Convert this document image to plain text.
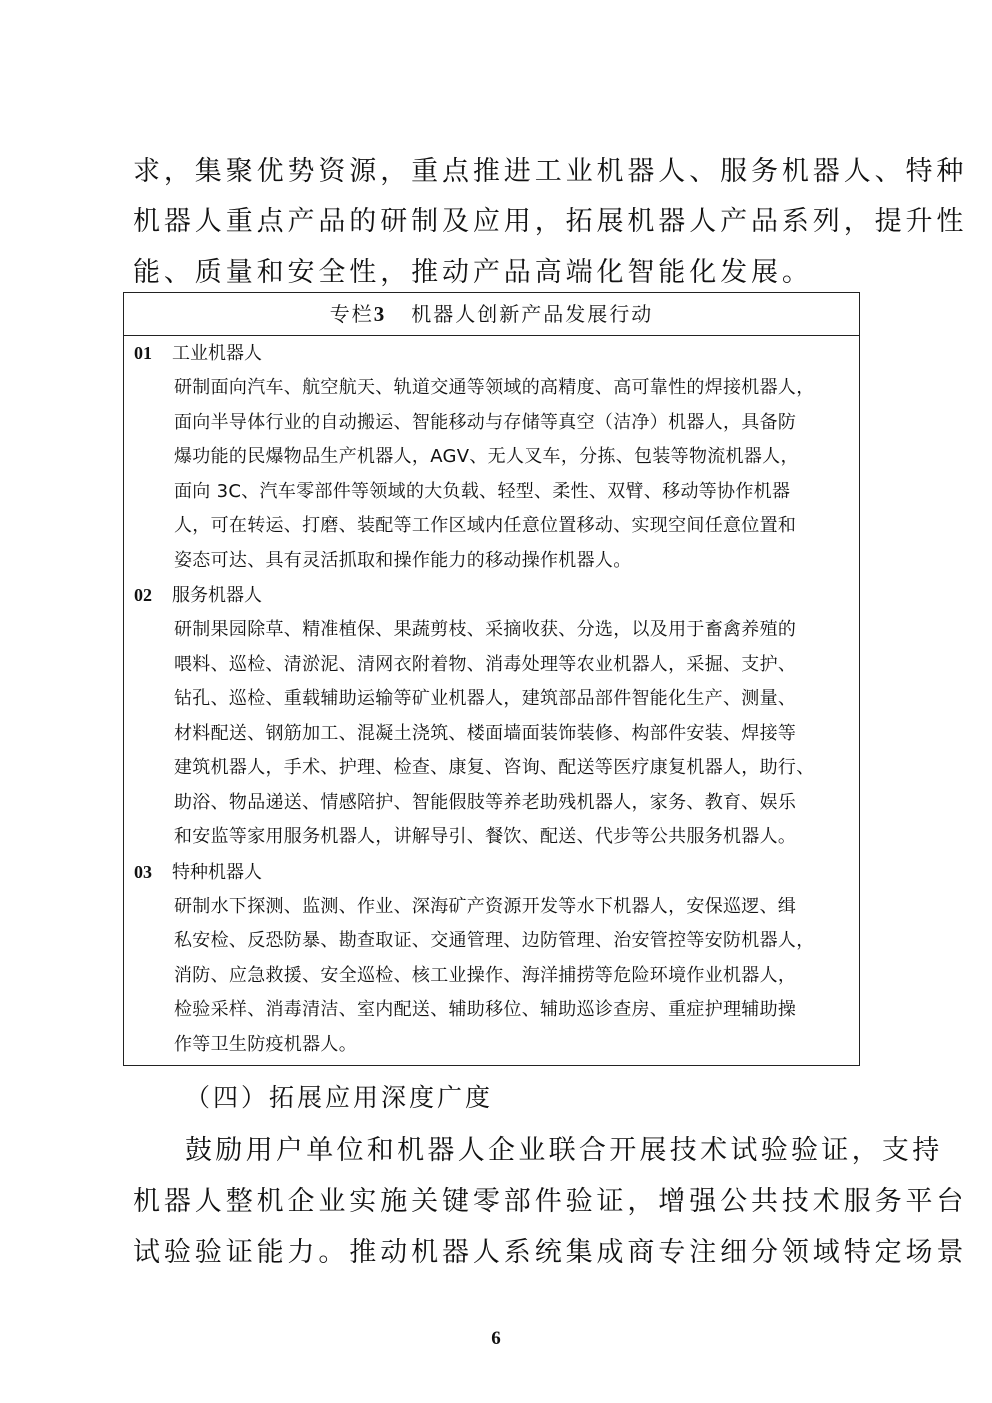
求，集聚优势资源，重点推进工业机器人、服务机器人、特种
机器人重点产品的研制及应用，拓展机器人产品系列，提升性
能、质量和安全性，推动产品高端化智能化发展。
专栏3 机器人创新产品发展行动
01 工业机器人
研制面向汽车、航空航天、轨道交通等领域的高精度、高可靠性的焊接机器人，
面向半导体行业的自动搬运、智能移动与存储等真空（洁净）机器人，具备防
爆功能的民爆物品生产机器人，AGV、无人叉车，分拣、包装等物流机器人，
面向 3C、汽车零部件等领域的大负载、轻型、柔性、双臂、移动等协作机器
人，可在转运、打磨、装配等工作区域内任意位置移动、实现空间任意位置和
姿态可达、具有灵活抓取和操作能力的移动操作机器人。
02 服务机器人
研制果园除草、精准植保、果蔬剪枝、采摘收获、分选，以及用于畜禽养殖的
喂料、巡检、清淤泥、清网衣附着物、消毒处理等农业机器人，采掘、支护、
钻孔、巡检、重载辅助运输等矿业机器人，建筑部品部件智能化生产、测量、
材料配送、钢筋加工、混凝土浇筑、楼面墙面装饰装修、构部件安装、焊接等
建筑机器人，手术、护理、检查、康复、咨询、配送等医疗康复机器人，助行、
助浴、物品递送、情感陪护、智能假肢等养老助残机器人，家务、教育、娱乐
和安监等家用服务机器人，讲解导引、餐饮、配送、代步等公共服务机器人。
03 特种机器人
研制水下探测、监测、作业、深海矿产资源开发等水下机器人，安保巡逻、缉
私安检、反恐防暴、勘查取证、交通管理、边防管理、治安管控等安防机器人，
消防、应急救援、安全巡检、核工业操作、海洋捕捞等危险环境作业机器人，
检验采样、消毒清洁、室内配送、辅助移位、辅助巡诊查房、重症护理辅助操
作等卫生防疫机器人。
（四）拓展应用深度广度
鼓励用户单位和机器人企业联合开展技术试验验证，支持
机器人整机企业实施关键零部件验证，增强公共技术服务平台
试验验证能力。推动机器人系统集成商专注细分领域特定场景
6
